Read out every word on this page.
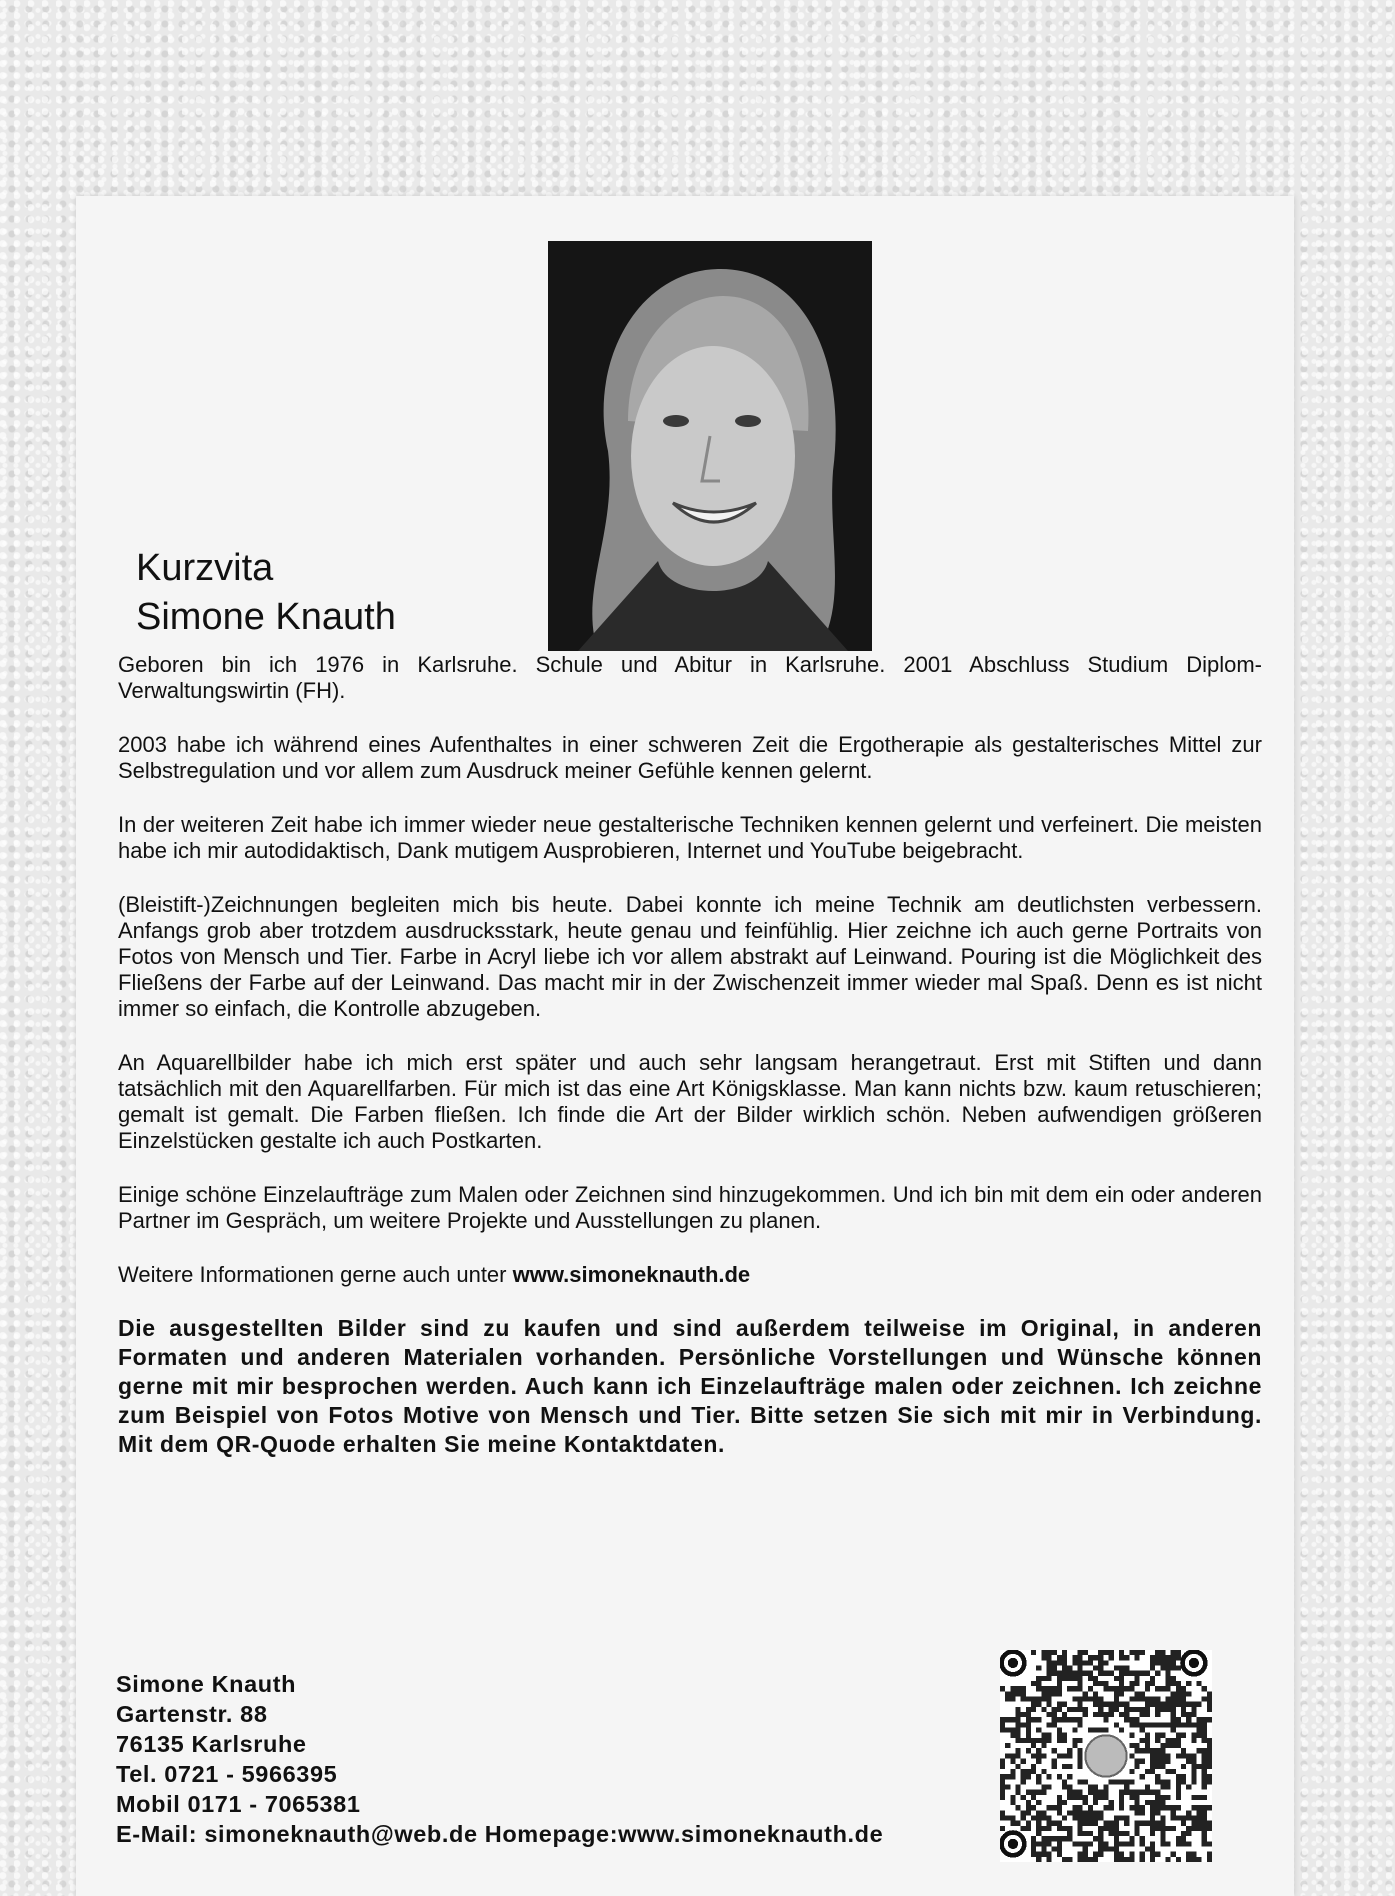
Kurzvita
Simone Knauth

Geboren bin ich 1976 in Karlsruhe. Schule und Abitur in Karlsruhe. 2001 Abschluss Studium Diplom-Verwaltungswirtin (FH).

2003 habe ich während eines Aufenthaltes in einer schweren Zeit die Ergotherapie als gestalterisches Mittel zur Selbstregulation und vor allem zum Ausdruck meiner Gefühle kennen gelernt.

In der weiteren Zeit habe ich immer wieder neue gestalterische Techniken kennen gelernt und verfeinert. Die meisten habe ich mir autodidaktisch, Dank mutigem Ausprobieren, Internet und YouTube beigebracht.

(Bleistift-)Zeichnungen begleiten mich bis heute. Dabei konnte ich meine Technik am deutlichsten verbessern. Anfangs grob aber trotzdem ausdrucksstark, heute genau und feinfühlig. Hier zeichne ich auch gerne Portraits von Fotos von Mensch und Tier. Farbe in Acryl liebe ich vor allem abstrakt auf Leinwand. Pouring ist die Möglichkeit des Fließens der Farbe auf der Leinwand. Das macht mir in der Zwischenzeit immer wieder mal Spaß. Denn es ist nicht immer so einfach, die Kontrolle abzugeben.

An Aquarellbilder habe ich mich erst später und auch sehr langsam herangetraut. Erst mit Stiften und dann tatsächlich mit den Aquarellfarben. Für mich ist das eine Art Königsklasse. Man kann nichts bzw. kaum retuschieren; gemalt ist gemalt. Die Farben fließen. Ich finde die Art der Bilder wirklich schön. Neben aufwendigen größeren Einzelstücken gestalte ich auch Postkarten.

Einige schöne Einzelaufträge zum Malen oder Zeichnen sind hinzugekommen. Und ich bin mit dem ein oder anderen Partner im Gespräch, um weitere Projekte und Ausstellungen zu planen.

Weitere Informationen gerne auch unter www.simoneknauth.de

Die ausgestellten Bilder sind zu kaufen und sind außerdem teilweise im Original, in anderen Formaten und anderen Materialen vorhanden. Persönliche Vorstellungen und Wünsche können gerne mit mir besprochen werden. Auch kann ich Einzelaufträge malen oder zeichnen. Ich zeichne zum Beispiel von Fotos Motive von Mensch und Tier. Bitte setzen Sie sich mit mir in Verbindung. Mit dem QR-Quode erhalten Sie meine Kontaktdaten.

Simone Knauth
Gartenstr. 88
76135 Karlsruhe
Tel. 0721 - 5966395
Mobil 0171 - 7065381
E-Mail: simoneknauth@web.de Homepage:www.simoneknauth.de
